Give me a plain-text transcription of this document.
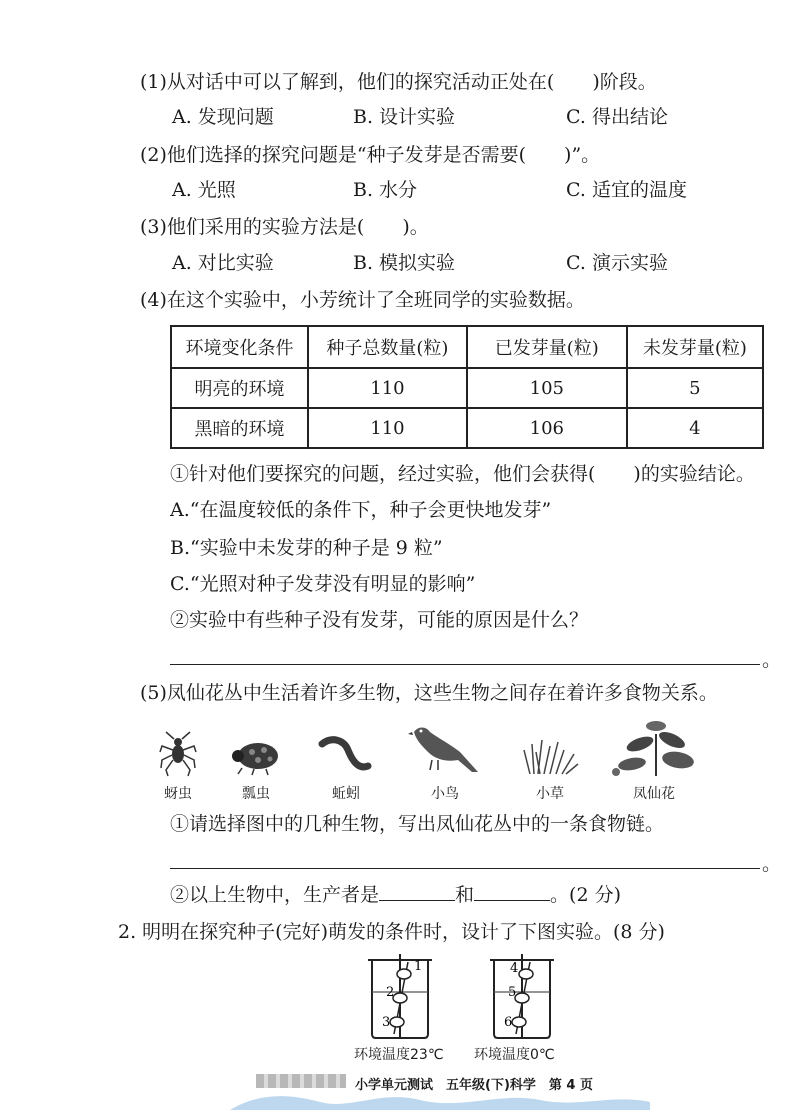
(1)从对话中可以了解到，他们的探究活动正处在(　　)阶段。
A. 发现问题	B. 设计实验	C. 得出结论
(2)他们选择的探究问题是“种子发芽是否需要(　　)”。
A. 光照	B. 水分	C. 适宜的温度
(3)他们采用的实验方法是(　　)。
A. 对比实验	B. 模拟实验	C. 演示实验
(4)在这个实验中，小芳统计了全班同学的实验数据。
环境变化条件	种子总数量(粒)	已发芽量(粒)	未发芽量(粒)
明亮的环境	110	105	5
黑暗的环境	110	106	4
①针对他们要探究的问题，经过实验，他们会获得(　　)的实验结论。
A.“在温度较低的条件下，种子会更快地发芽”
B.“实验中未发芽的种子是 9 粒”
C.“光照对种子发芽没有明显的影响”
②实验中有些种子没有发芽，可能的原因是什么？
。
(5)凤仙花丛中生活着许多生物，这些生物之间存在着许多食物关系。
蚜虫	瓢虫	蚯蚓	小鸟	小草	凤仙花
①请选择图中的几种生物，写出凤仙花丛中的一条食物链。
。
②以上生物中，生产者是	和	。(2 分)
2. 明明在探究种子(完好)萌发的条件时，设计了下图实验。(8 分)
1
2
3
环境温度23℃
4
5
6
环境温度0℃
小学单元测试　五年级(下)科学　第 4 页
